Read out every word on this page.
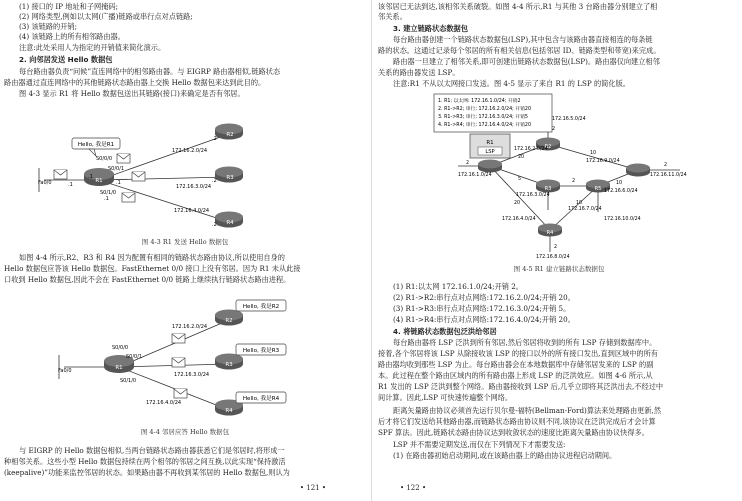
(1) 接口的 IP 地址和子网掩码;
(2) 网络类型,例如以太网(广播)链路或串行点对点链路;
(3) 该链路的开销;
(4) 该链路上的所有相邻路由器。
注意:此处采用人为指定的开销值来简化演示。
2. 向邻居发送 Hello 数据包
每台路由器负责“问候”直连网络中的相邻路由器。与 EIGRP 路由器相似,链路状态
路由器通过直连网络中的其他链路状态路由器上交换 Hello 数据包来达到此目的。
图 4-3 显示 R1 将 Hello 数据包送出其链路(接口)来确定是否有邻居。
Hello, 我是R1
R2
R3
R4
R1
S0/0/0
S0/0/1
Fa0/0
S0/1/0
172.16.2.0/24
172.16.3.0/24
172.16.4.0/24
.1
.2
.1	.2
.1
.1
.2
图 4-3 R1 发送 Hello 数据包
如图 4-4 所示,R2、R3 和 R4 因为配置有相同的链路状态路由协议,所以使用自身的
Hello 数据包应答该 Hello 数据包。FastEthernet 0/0 接口上没有邻居。因为 R1 未从此接
口收到 Hello 数据包,因此不会在 FastEthernet 0/0 链路上继续执行链路状态路由进程。
Hello, 我是R2
Hello, 我是R3
Hello, 我是R4
R1
R2
R3
R4
S0/0/0
S0/0/1
Fa0/0
S0/1/0
172.16.2.0/24
172.16.3.0/24
172.16.4.0/24
图 4-4 邻居应答 Hello 数据包
与 EIGRP 的 Hello 数据包相似,当两台链路状态路由器获悉它们是邻居时,将形成一
种相邻关系。这些小型 Hello 数据包持续在两个相邻的邻居之间互换,以此实现“保持激活
(keepalive)”功能来监控邻居的状态。如果路由器不再收到某邻居的 Hello 数据包,则认为
• 121 •
该邻居已无法到达,该相邻关系破裂。如图 4-4 所示,R1 与其他 3 台路由器分别建立了相
邻关系。
3. 建立链路状态数据包
每台路由器创建一个链路状态数据包(LSP),其中包含与该路由器直接相连的每条链
路的状态。这通过记录每个邻居的所有相关信息(包括邻居 ID、链路类型和带宽)来完成。
路由器一旦建立了相邻关系,即可创建出链路状态数据包(LSP)。路由器仅向建立相邻
关系的路由器发送 LSP。
注意:R1 不从以太网接口发送。图 4-5 显示了来自 R1 的 LSP 的简化版。
1. R1: 以太网: 172.16.1.0/24; 开销2
2. R1->R2; 串行; 172.16.2.0/24; 开销20
3. R1->R3; 串行; 172.16.3.0/24; 开销5
4. R1->R4; 串行; 172.16.4.0/24; 开销20
R1
LSP
R2
R3
R4
R5
172.16.5.0/24
172.16.2.0/24
172.16.9.0/24
172.16.1.0/24
172.16.6.0/24
172.16.11.0/24
172.16.3.0/24
172.16.7.0/24
172.16.4.0/24	172.16.10.0/24
172.16.8.0/24
2
20
2
10
5
10
2
20	10
2
2
图 4-5 R1 建立链路状态数据包
(1) R1:以太网 172.16.1.0/24;开销 2。
(2) R1->R2:串行点对点网络:172.16.2.0/24;开销 20。
(3) R1->R3:串行点对点网络:172.16.3.0/24;开销 5。
(4) R1->R4:串行点对点网络:172.16.4.0/24;开销 20。
4. 将链路状态数据包泛洪给邻居
每台路由器将 LSP 泛洪到所有邻居,然后邻居将收到的所有 LSP 存储到数据库中。
接着,各个邻居将该 LSP 从除接收该 LSP 的接口以外的所有接口发出,直到区域中的所有
路由器均收到那些 LSP 为止。每台路由器会在本地数据库中存储邻居发来的 LSP 的副
本。此过程在整个路由区域内的所有路由器上形成 LSP 的泛洪效应。如图 4-6 所示,从
R1 发出的 LSP 泛洪到整个网络。路由器接收到 LSP 后,几乎立即将其泛洪出去,不经过中
间计算。因此,LSP 可快速传遍整个网络。
距离矢量路由协议必须首先运行贝尔曼-福特(Bellman-Ford)算法来处理路由更新,然
后才将它们发送给其他路由器,而链路状态路由协议则不同,该协议在泛洪完成后才会计算
SPF 算法。因此,链路状态路由协议达到收敛状态的速度比距离矢量路由协议快得多。
LSP 并不需要定期发送,而仅在下列情况下才需要发送:
(1) 在路由器初始启动期间,或在该路由器上的路由协议进程启动期间。
• 122 •
